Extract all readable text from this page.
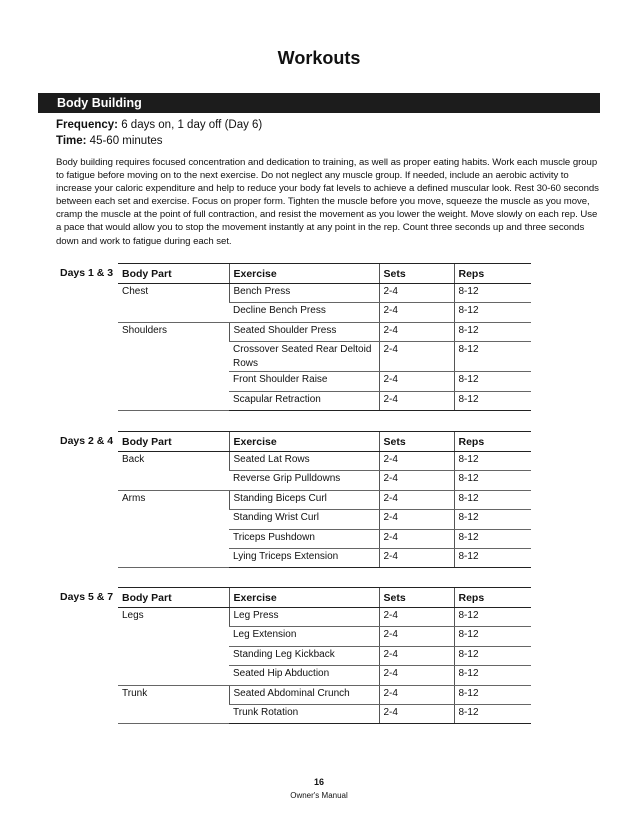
Workouts
Body Building
Frequency: 6 days on, 1 day off (Day 6)
Time: 45-60 minutes
Body building requires focused concentration and dedication to training, as well as proper eating habits. Work each muscle group to fatigue before moving on to the next exercise. Do not neglect any muscle group. If needed, include an aerobic activity to increase your caloric expenditure and help to reduce your body fat levels to achieve a defined muscular look. Rest 30-60 seconds between each set and exercise. Focus on proper form. Tighten the muscle before you move, squeeze the muscle as you move, cramp the muscle at the point of full contraction, and resist the movement as you lower the weight. Move slowly on each rep. Use a pace that would allow you to stop the movement instantly at any point in the rep. Count three seconds up and three seconds down and work to fatigue during each set.
Days 1 & 3 Body Part	Exercise	Sets	Reps
Chest	Bench Press	2-4	8-12
	Decline Bench Press	2-4	8-12
Shoulders	Seated Shoulder Press	2-4	8-12
	Crossover Seated Rear Deltoid Rows	2-4	8-12
	Front Shoulder Raise	2-4	8-12
	Scapular Retraction	2-4	8-12
Days 2 & 4 Body Part	Exercise	Sets	Reps
Back	Seated Lat Rows	2-4	8-12
	Reverse Grip Pulldowns	2-4	8-12
Arms	Standing Biceps Curl	2-4	8-12
	Standing Wrist Curl	2-4	8-12
	Triceps Pushdown	2-4	8-12
	Lying Triceps Extension	2-4	8-12
Days 5 & 7 Body Part	Exercise	Sets	Reps
Legs	Leg Press	2-4	8-12
	Leg Extension	2-4	8-12
	Standing Leg Kickback	2-4	8-12
	Seated Hip Abduction	2-4	8-12
Trunk	Seated Abdominal Crunch	2-4	8-12
	Trunk Rotation	2-4	8-12
16
Owner's Manual
